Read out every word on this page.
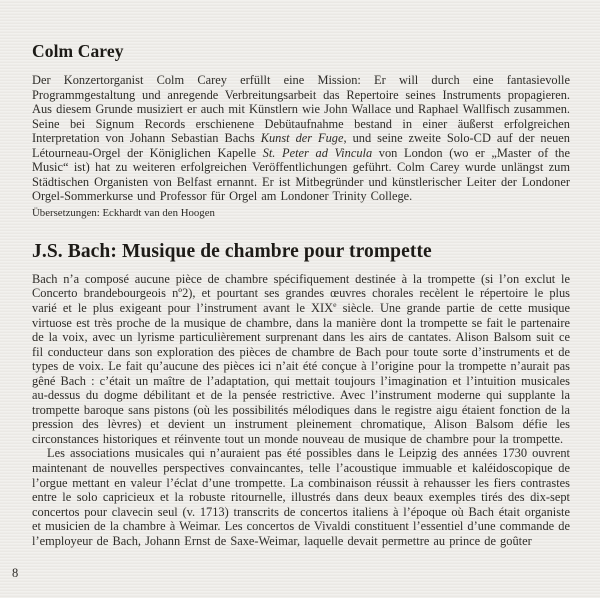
Colm Carey

Der Konzertorganist Colm Carey erfüllt eine Mission: Er will durch eine fantasievolle Programmgestaltung und anregende Verbreitungsarbeit das Repertoire seines Instruments propagieren. Aus diesem Grunde musiziert er auch mit Künstlern wie John Wallace und Raphael Wallfisch zusammen. Seine bei Signum Records erschienene Debütaufnahme bestand in einer äußerst erfolgreichen Interpretation von Johann Sebastian Bachs Kunst der Fuge, und seine zweite Solo-CD auf der neuen Létourneau-Orgel der Königlichen Kapelle St. Peter ad Vincula von London (wo er „Master of the Music“ ist) hat zu weiteren erfolgreichen Veröffentlichungen geführt. Colm Carey wurde unlängst zum Städtischen Organisten von Belfast ernannt. Er ist Mitbegründer und künstlerischer Leiter der Londoner Orgel-Sommerkurse und Professor für Orgel am Londoner Trinity College.

Übersetzungen: Eckhardt van den Hoogen

J.S. Bach: Musique de chambre pour trompette

Bach n’a composé aucune pièce de chambre spécifiquement destinée à la trompette (si l’on exclut le Concerto brandebourgeois nº2), et pourtant ses grandes œuvres chorales recèlent le répertoire le plus varié et le plus exigeant pour l’instrument avant le XIXe siècle. Une grande partie de cette musique virtuose est très proche de la musique de chambre, dans la manière dont la trompette se fait le partenaire de la voix, avec un lyrisme particulièrement surprenant dans les airs de cantates. Alison Balsom suit ce fil conducteur dans son exploration des pièces de chambre de Bach pour toute sorte d’instruments et de types de voix. Le fait qu’aucune des pièces ici n’ait été conçue à l’origine pour la trompette n’aurait pas gêné Bach : c’était un maître de l’adaptation, qui mettait toujours l’imagination et l’intuition musicales au-dessus du dogme débilitant et de la pensée restrictive. Avec l’instrument moderne qui supplante la trompette baroque sans pistons (où les possibilités mélodiques dans le registre aigu étaient fonction de la pression des lèvres) et devient un instrument pleinement chromatique, Alison Balsom défie les circonstances historiques et réinvente tout un monde nouveau de musique de chambre pour la trompette.

Les associations musicales qui n’auraient pas été possibles dans le Leipzig des années 1730 ouvrent maintenant de nouvelles perspectives convaincantes, telle l’acoustique immuable et kaléidoscopique de l’orgue mettant en valeur l’éclat d’une trompette. La combinaison réussit à rehausser les fiers contrastes entre le solo capricieux et la robuste ritournelle, illustrés dans deux beaux exemples tirés des dix-sept concertos pour clavecin seul (v. 1713) transcrits de concertos italiens à l’époque où Bach était organiste et musicien de la chambre à Weimar. Les concertos de Vivaldi constituent l’essentiel d’une commande de l’employeur de Bach, Johann Ernst de Saxe-Weimar, laquelle devait permettre au prince de goûter

8
